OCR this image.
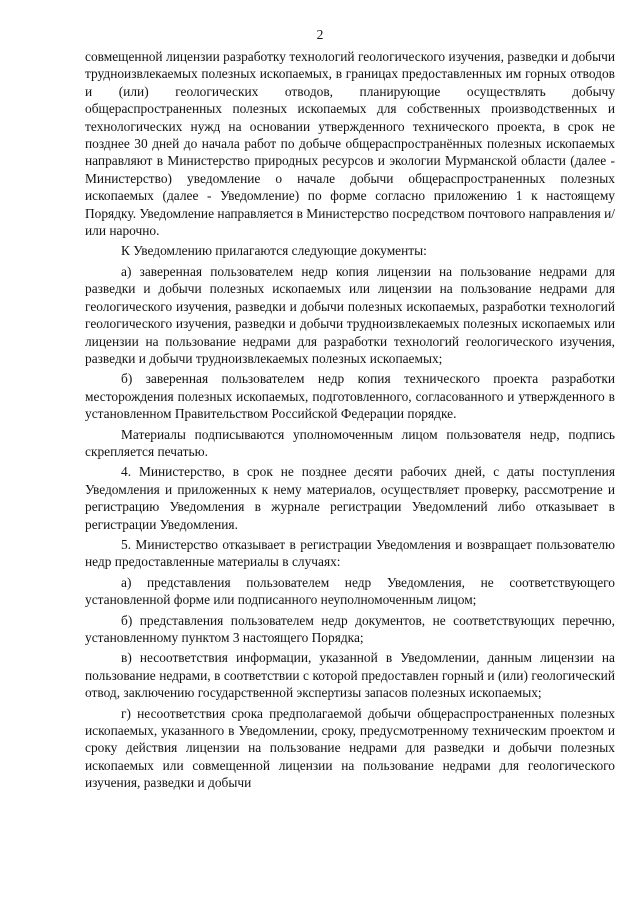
2

совмещенной лицензии разработку технологий геологического изучения, разведки и добычи трудноизвлекаемых полезных ископаемых, в границах предоставленных им горных отводов и (или) геологических отводов, планирующие осуществлять добычу общераспространенных полезных ископаемых для собственных производственных и технологических нужд на основании утвержденного технического проекта, в срок не позднее 30 дней до начала работ по добыче общераспространённых полезных ископаемых направляют в Министерство природных ресурсов и экологии Мурманской области (далее - Министерство) уведомление о начале добычи общераспространенных полезных ископаемых (далее - Уведомление) по форме согласно приложению 1 к настоящему Порядку. Уведомление направляется в Министерство посредством почтового направления и/или нарочно.

К Уведомлению прилагаются следующие документы:

а) заверенная пользователем недр копия лицензии на пользование недрами для разведки и добычи полезных ископаемых или лицензии на пользование недрами для геологического изучения, разведки и добычи полезных ископаемых, разработки технологий геологического изучения, разведки и добычи трудноизвлекаемых полезных ископаемых или лицензии на пользование недрами для разработки технологий геологического изучения, разведки и добычи трудноизвлекаемых полезных ископаемых;

б) заверенная пользователем недр копия технического проекта разработки месторождения полезных ископаемых, подготовленного, согласованного и утвержденного в установленном Правительством Российской Федерации порядке.

Материалы подписываются уполномоченным лицом пользователя недр, подпись скрепляется печатью.

4. Министерство, в срок не позднее десяти рабочих дней, с даты поступления Уведомления и приложенных к нему материалов, осуществляет проверку, рассмотрение и регистрацию Уведомления в журнале регистрации Уведомлений либо отказывает в регистрации Уведомления.

5. Министерство отказывает в регистрации Уведомления и возвращает пользователю недр предоставленные материалы в случаях:

а) представления пользователем недр Уведомления, не соответствующего установленной форме или подписанного неуполномоченным лицом;

б) представления пользователем недр документов, не соответствующих перечню, установленному пунктом 3 настоящего Порядка;

в) несоответствия информации, указанной в Уведомлении, данным лицензии на пользование недрами, в соответствии с которой предоставлен горный и (или) геологический отвод, заключению государственной экспертизы запасов полезных ископаемых;

г) несоответствия срока предполагаемой добычи общераспространенных полезных ископаемых, указанного в Уведомлении, сроку, предусмотренному техническим проектом и сроку действия лицензии на пользование недрами для разведки и добычи полезных ископаемых или совмещенной лицензии на пользование недрами для геологического изучения, разведки и добычи
